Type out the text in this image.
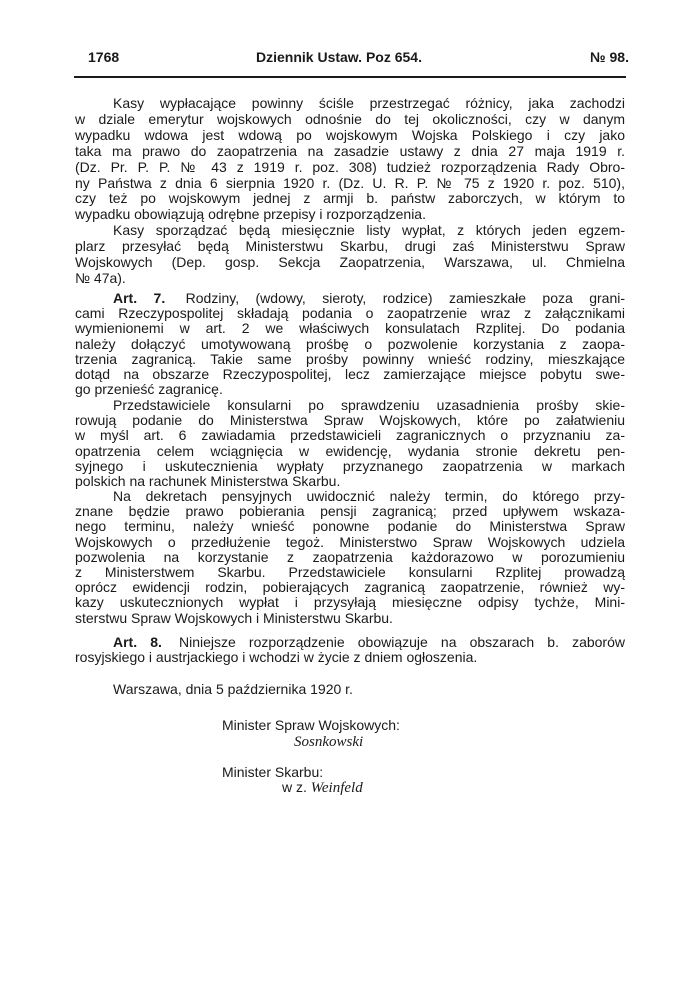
1768	Dziennik Ustaw. Poz 654.	№ 98.
Kasy wypłacające powinny ściśle przestrzegać różnicy, jaka zachodzi
w dziale emerytur wojskowych odnośnie do tej okoliczności, czy w danym
wypadku wdowa jest wdową po wojskowym Wojska Polskiego i czy jako
taka ma prawo do zaopatrzenia na zasadzie ustawy z dnia 27 maja 1919 r.
(Dz. Pr. P. P. № 43 z 1919 r. poz. 308) tudzież rozporządzenia Rady Obro-
ny Państwa z dnia 6 sierpnia 1920 r. (Dz. U. R. P. № 75 z 1920 r. poz. 510),
czy też po wojskowym jednej z armji b. państw zaborczych, w którym to
wypadku obowiązują odrębne przepisy i rozporządzenia.
Kasy sporządzać będą miesięcznie listy wypłat, z których jeden egzem-
plarz przesyłać będą Ministerstwu Skarbu, drugi zaś Ministerstwu Spraw
Wojskowych (Dep. gosp. Sekcja Zaopatrzenia, Warszawa, ul. Chmielna
№ 47a).
Art. 7. Rodziny, (wdowy, sieroty, rodzice) zamieszkałe poza grani-
cami Rzeczypospolitej składają podania o zaopatrzenie wraz z załącznikami
wymienionemi w art. 2 we właściwych konsulatach Rzplitej. Do podania
należy dołączyć umotywowaną prośbę o pozwolenie korzystania z zaopa-
trzenia zagranicą. Takie same prośby powinny wnieść rodziny, mieszkające
dotąd na obszarze Rzeczypospolitej, lecz zamierzające miejsce pobytu swe-
go przenieść zagranicę.
Przedstawiciele konsularni po sprawdzeniu uzasadnienia prośby skie-
rowują podanie do Ministerstwa Spraw Wojskowych, które po załatwieniu
w myśl art. 6 zawiadamia przedstawicieli zagranicznych o przyznaniu za-
opatrzenia celem wciągnięcia w ewidencję, wydania stronie dekretu pen-
syjnego i uskutecznienia wypłaty przyznanego zaopatrzenia w markach
polskich na rachunek Ministerstwa Skarbu.
Na dekretach pensyjnych uwidocznić należy termin, do którego przy-
znane będzie prawo pobierania pensji zagranicą; przed upływem wskaza-
nego terminu, należy wnieść ponowne podanie do Ministerstwa Spraw
Wojskowych o przedłużenie tegoż. Ministerstwo Spraw Wojskowych udziela
pozwolenia na korzystanie z zaopatrzenia każdorazowo w porozumieniu
z Ministerstwem Skarbu. Przedstawiciele konsularni Rzplitej prowadzą
oprócz ewidencji rodzin, pobierających zagranicą zaopatrzenie, również wy-
kazy uskutecznionych wypłat i przysyłają miesięczne odpisy tychże, Mini-
sterstwu Spraw Wojskowych i Ministerstwu Skarbu.
Art. 8. Niniejsze rozporządzenie obowiązuje na obszarach b. zaborów
rosyjskiego i austrjackiego i wchodzi w życie z dniem ogłoszenia.
Warszawa, dnia 5 października 1920 r.
Minister Spraw Wojskowych:
Sosnkowski
Minister Skarbu:
w z. Weinfeld
